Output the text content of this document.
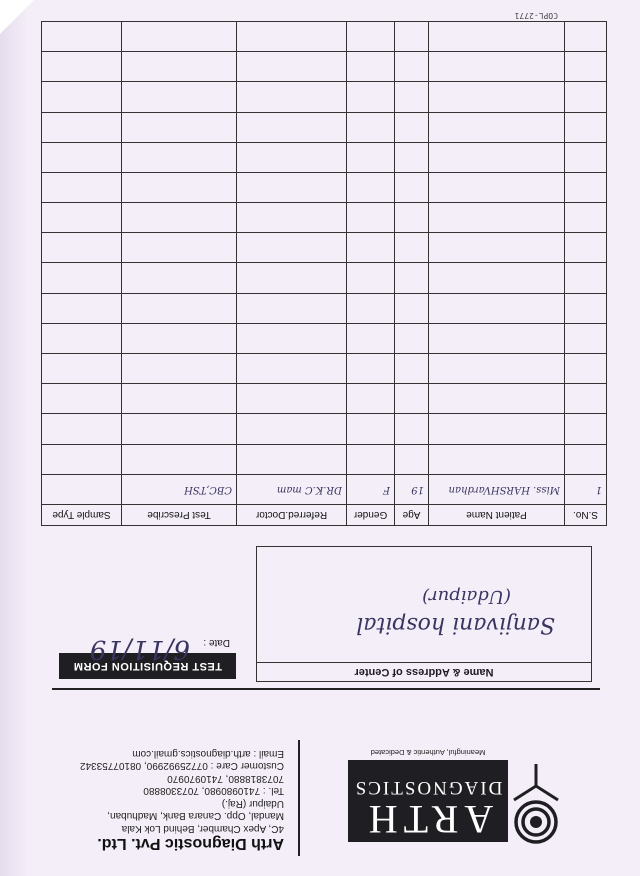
COPL-2771
ARTH
DIAGNOSTICS
Meaningful, Authentic & Dedicated
Arth Diagnostic Pvt. Ltd.
4C, Apex Chamber, Behind Lok Kala
Mandal, Opp. Canara Bank, Madhuban,
Udaipur (Raj.)
Tel. : 7410980980, 7073308880
7073818880, 7410970970
Customer Care : 07725992990, 08107753342
Email : arth.diagnostics.gmail.com
TEST REQUISITION FORM
Date :
6/11/19
Name & Address of Center
Sanjivani hospital
(Udaipur)
S.No.	Patient Name	Age	Gender	Referred.Doctor	Test Prescribe	Sample Type
1	Miss. HARSHVardhan	19	F	DR.K.C mam	CBC,TSH	
